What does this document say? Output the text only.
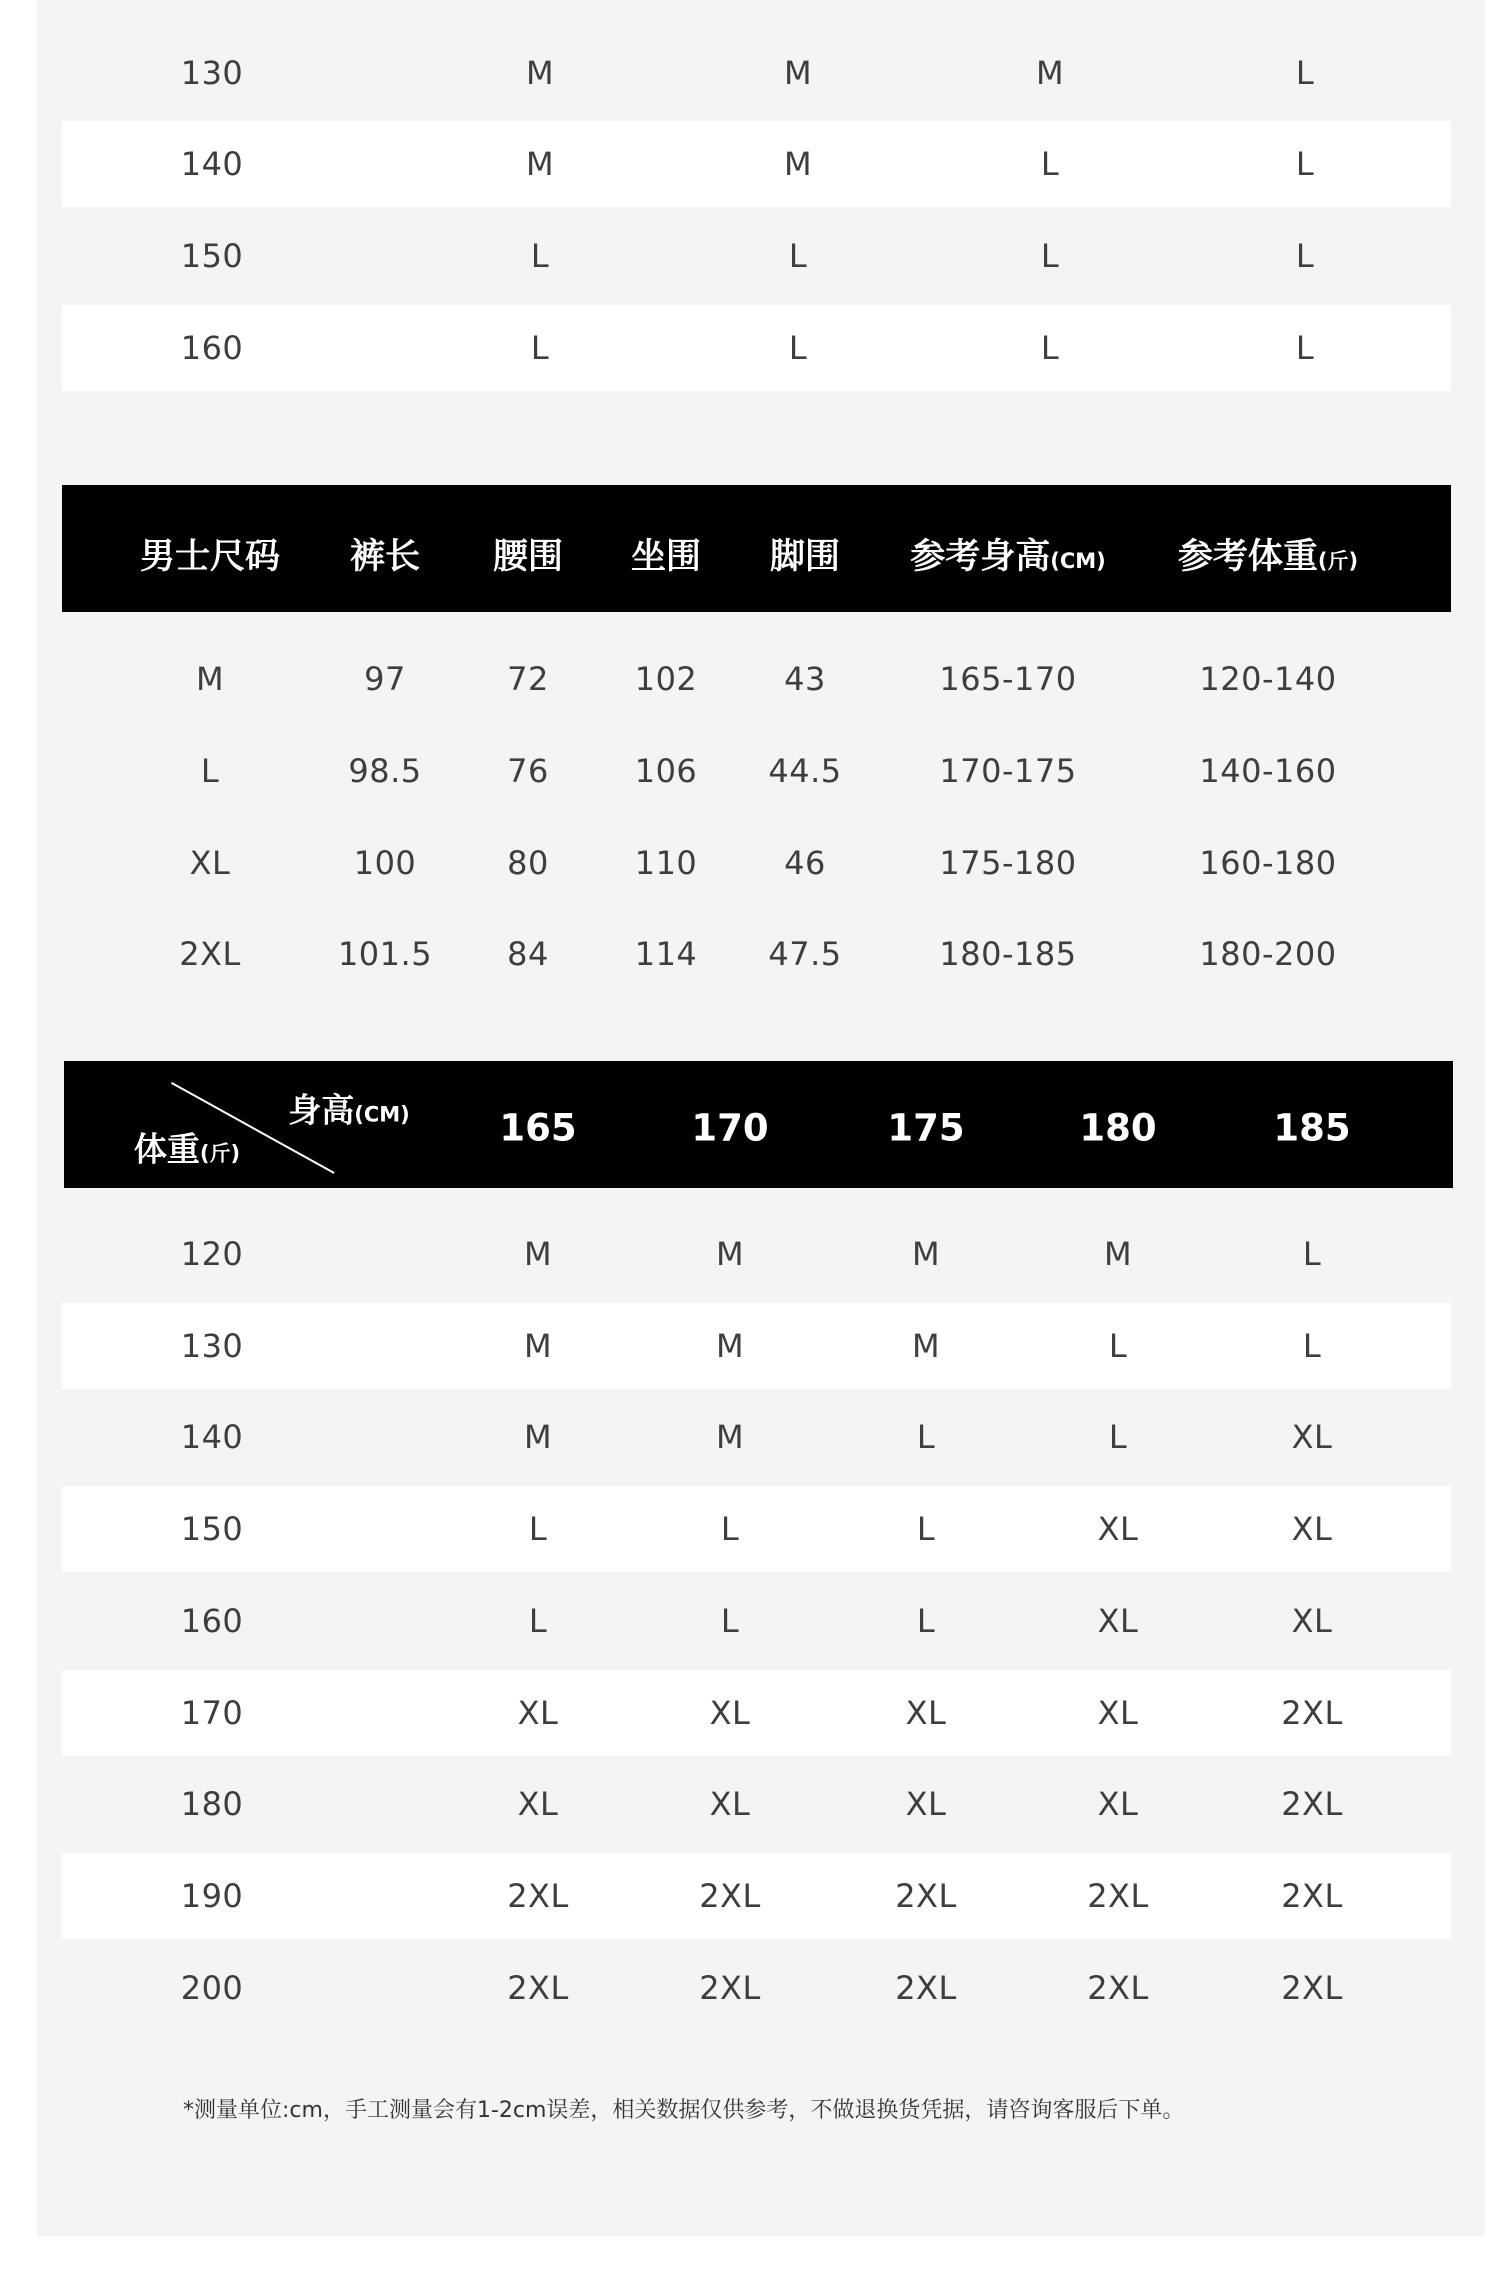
130	M	M	M	L
140	M	M	L	L
150	L	L	L	L
160	L	L	L	L
男士尺码 裤长 腰围 坐围 脚围 参考身高(CM) 参考体重(斤)
M	97	72	102	43	165-170	120-140
L	98.5	76	106 44.5	170-175	140-160
XL	100	80	110	46	175-180	160-180
2XL	101.5 84	114 47.5	180-185	180-200
身高(CM)
体重(斤)
165	170	175	180	185
120	M	M	M	M	L
130	M	M	M	L	L
140	M	M	L	L	XL
150	L	L	L	XL	XL
160	L	L	L	XL	XL
170	XL	XL	XL	XL	2XL
180	XL	XL	XL	XL	2XL
190	2XL	2XL	2XL	2XL	2XL
200	2XL	2XL	2XL	2XL	2XL
*测量单位:cm，手工测量会有1-2cm误差，相关数据仅供参考，不做退换货凭据，请咨询客服后下单。
